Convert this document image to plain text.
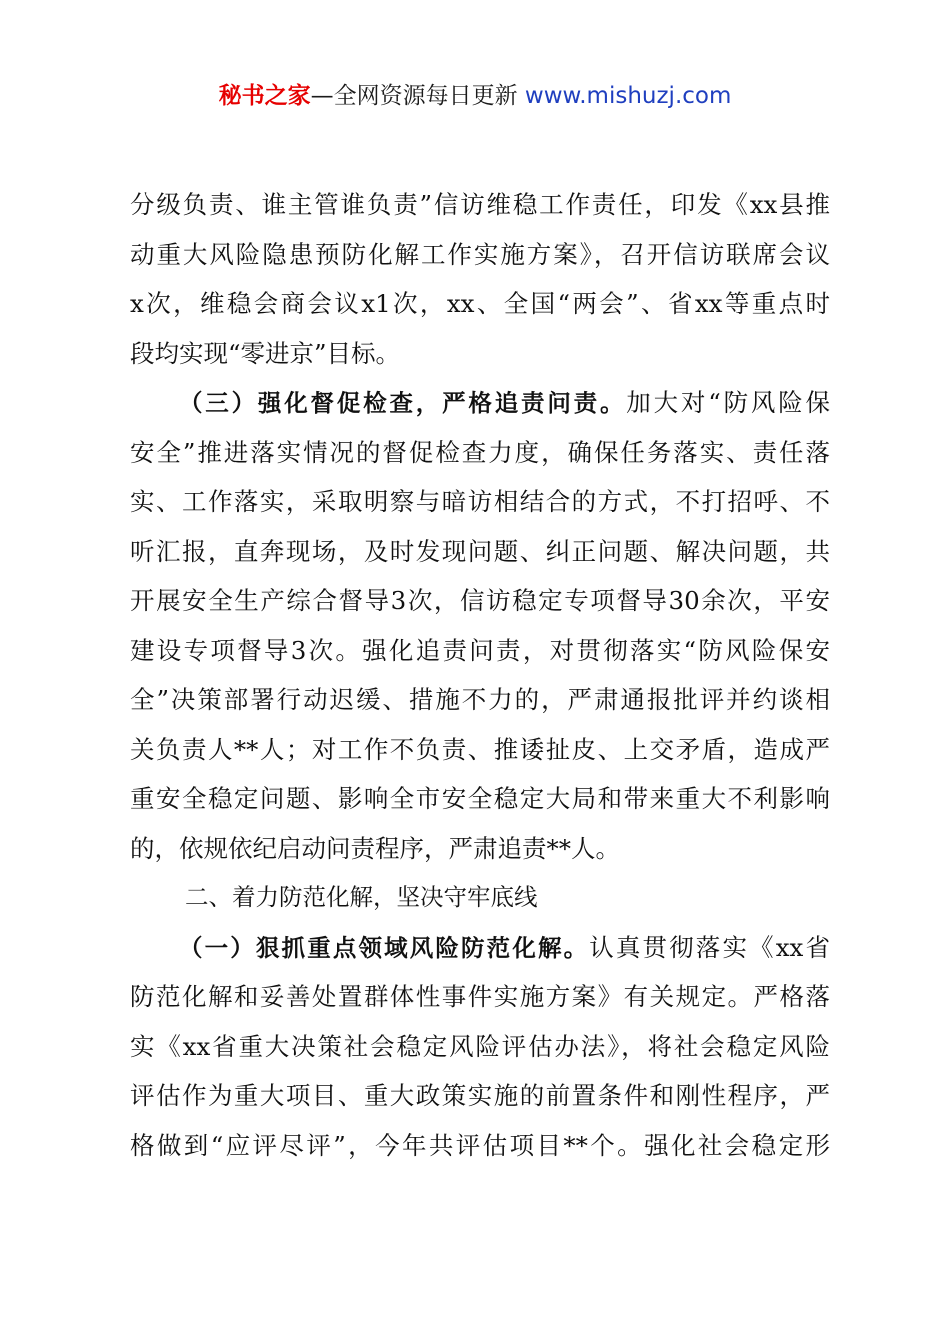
秘书之家—全网资源每日更新 www.mishuzj.com
分级负责、谁主管谁负责”信访维稳工作责任，印发《xx县推
动重大风险隐患预防化解工作实施方案》，召开信访联席会议
x次，维稳会商会议x1次，xx、全国“两会”、省xx等重点时
段均实现“零进京”目标。
（三）强化督促检查，严格追责问责。加大对“防风险保
安全”推进落实情况的督促检查力度，确保任务落实、责任落
实、工作落实，采取明察与暗访相结合的方式，不打招呼、不
听汇报，直奔现场，及时发现问题、纠正问题、解决问题，共
开展安全生产综合督导3次，信访稳定专项督导30余次，平安
建设专项督导3次。强化追责问责，对贯彻落实“防风险保安
全”决策部署行动迟缓、措施不力的，严肃通报批评并约谈相
关负责人**人；对工作不负责、推诿扯皮、上交矛盾，造成严
重安全稳定问题、影响全市安全稳定大局和带来重大不利影响
的，依规依纪启动问责程序，严肃追责**人。
二、着力防范化解，坚决守牢底线
（一）狠抓重点领域风险防范化解。认真贯彻落实《xx省
防范化解和妥善处置群体性事件实施方案》有关规定。严格落
实《xx省重大决策社会稳定风险评估办法》，将社会稳定风险
评估作为重大项目、重大政策实施的前置条件和刚性程序，严
格做到“应评尽评”，今年共评估项目**个。强化社会稳定形
